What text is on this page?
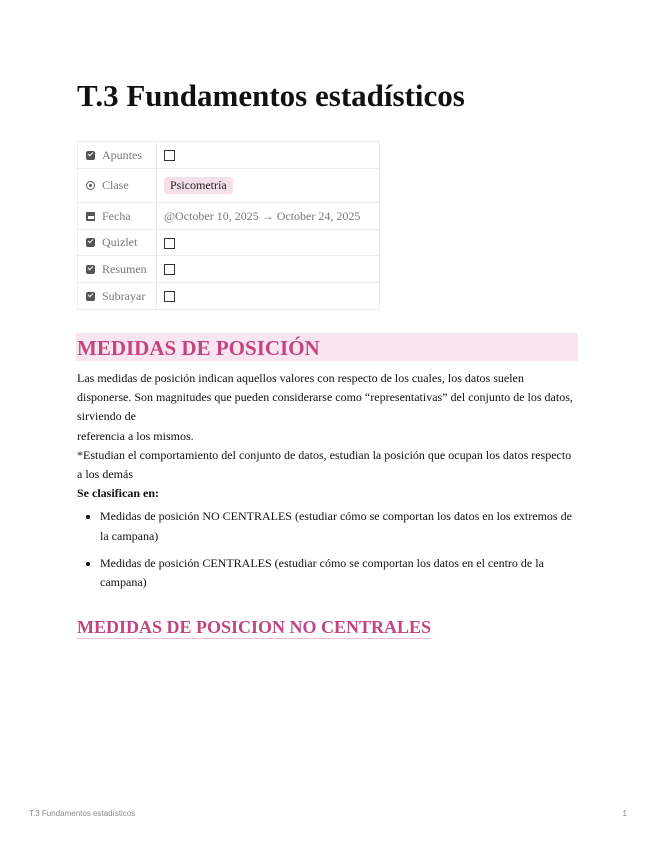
T.3 Fundamentos estadísticos
Apuntes	
Clase	Psicometría
Fecha	@October 10, 2025 → October 24, 2025
Quizlet	
Resumen	
Subrayar	
MEDIDAS DE POSICIÓN

Las medidas de posición indican aquellos valores con respecto de los cuales, los datos suelen disponerse. Son magnitudes que pueden considerarse como “representativas” del conjunto de los datos, sirviendo de

referencia a los mismos.

*Estudian el comportamiento del conjunto de datos, estudian la posición que ocupan los datos respecto a los demás

Se clasifican en:

• Medidas de posición NO CENTRALES (estudiar cómo se comportan los datos en los extremos de la campana)
• Medidas de posición CENTRALES (estudiar cómo se comportan los datos en el centro de la campana)
MEDIDAS DE POSICION NO CENTRALES
T.3 Fundamentos estadísticos	1
